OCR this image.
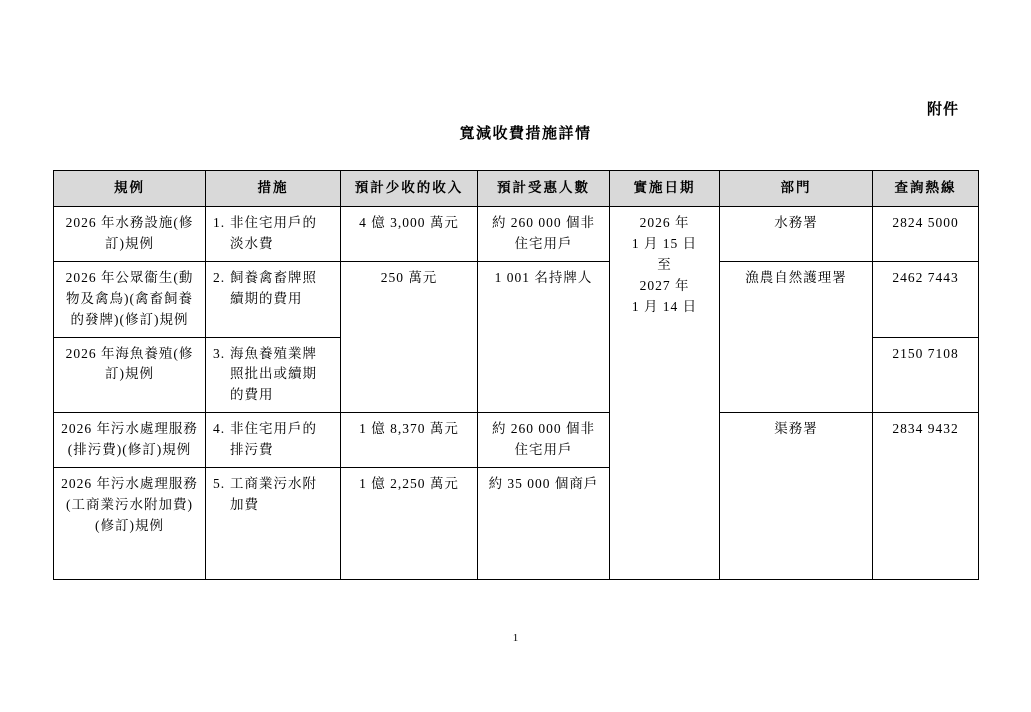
附件
寬減收費措施詳情
規例	措施	預計少收的收入	預計受惠人數	實施日期	部門	查詢熱線
2026 年水務設施(修訂)規例	1. 非住宅用戶的淡水費	4 億 3,000 萬元	約 260 000 個非住宅用戶	2026 年
1 月 15 日
至
2027 年
1 月 14 日	水務署	2824 5000
2026 年公眾衞生(動物及禽鳥)(禽畜飼養的發牌)(修訂)規例	2. 飼養禽畜牌照續期的費用	250 萬元	1 001 名持牌人		漁農自然護理署	2462 7443
2026 年海魚養殖(修訂)規例	3. 海魚養殖業牌照批出或續期的費用					2150 7108
2026 年污水處理服務(排污費)(修訂)規例	4. 非住宅用戶的排污費	1 億 8,370 萬元	約 260 000 個非住宅用戶		渠務署	2834 9432
2026 年污水處理服務(工商業污水附加費)(修訂)規例	5. 工商業污水附加費	1 億 2,250 萬元	約 35 000 個商戶			
1
